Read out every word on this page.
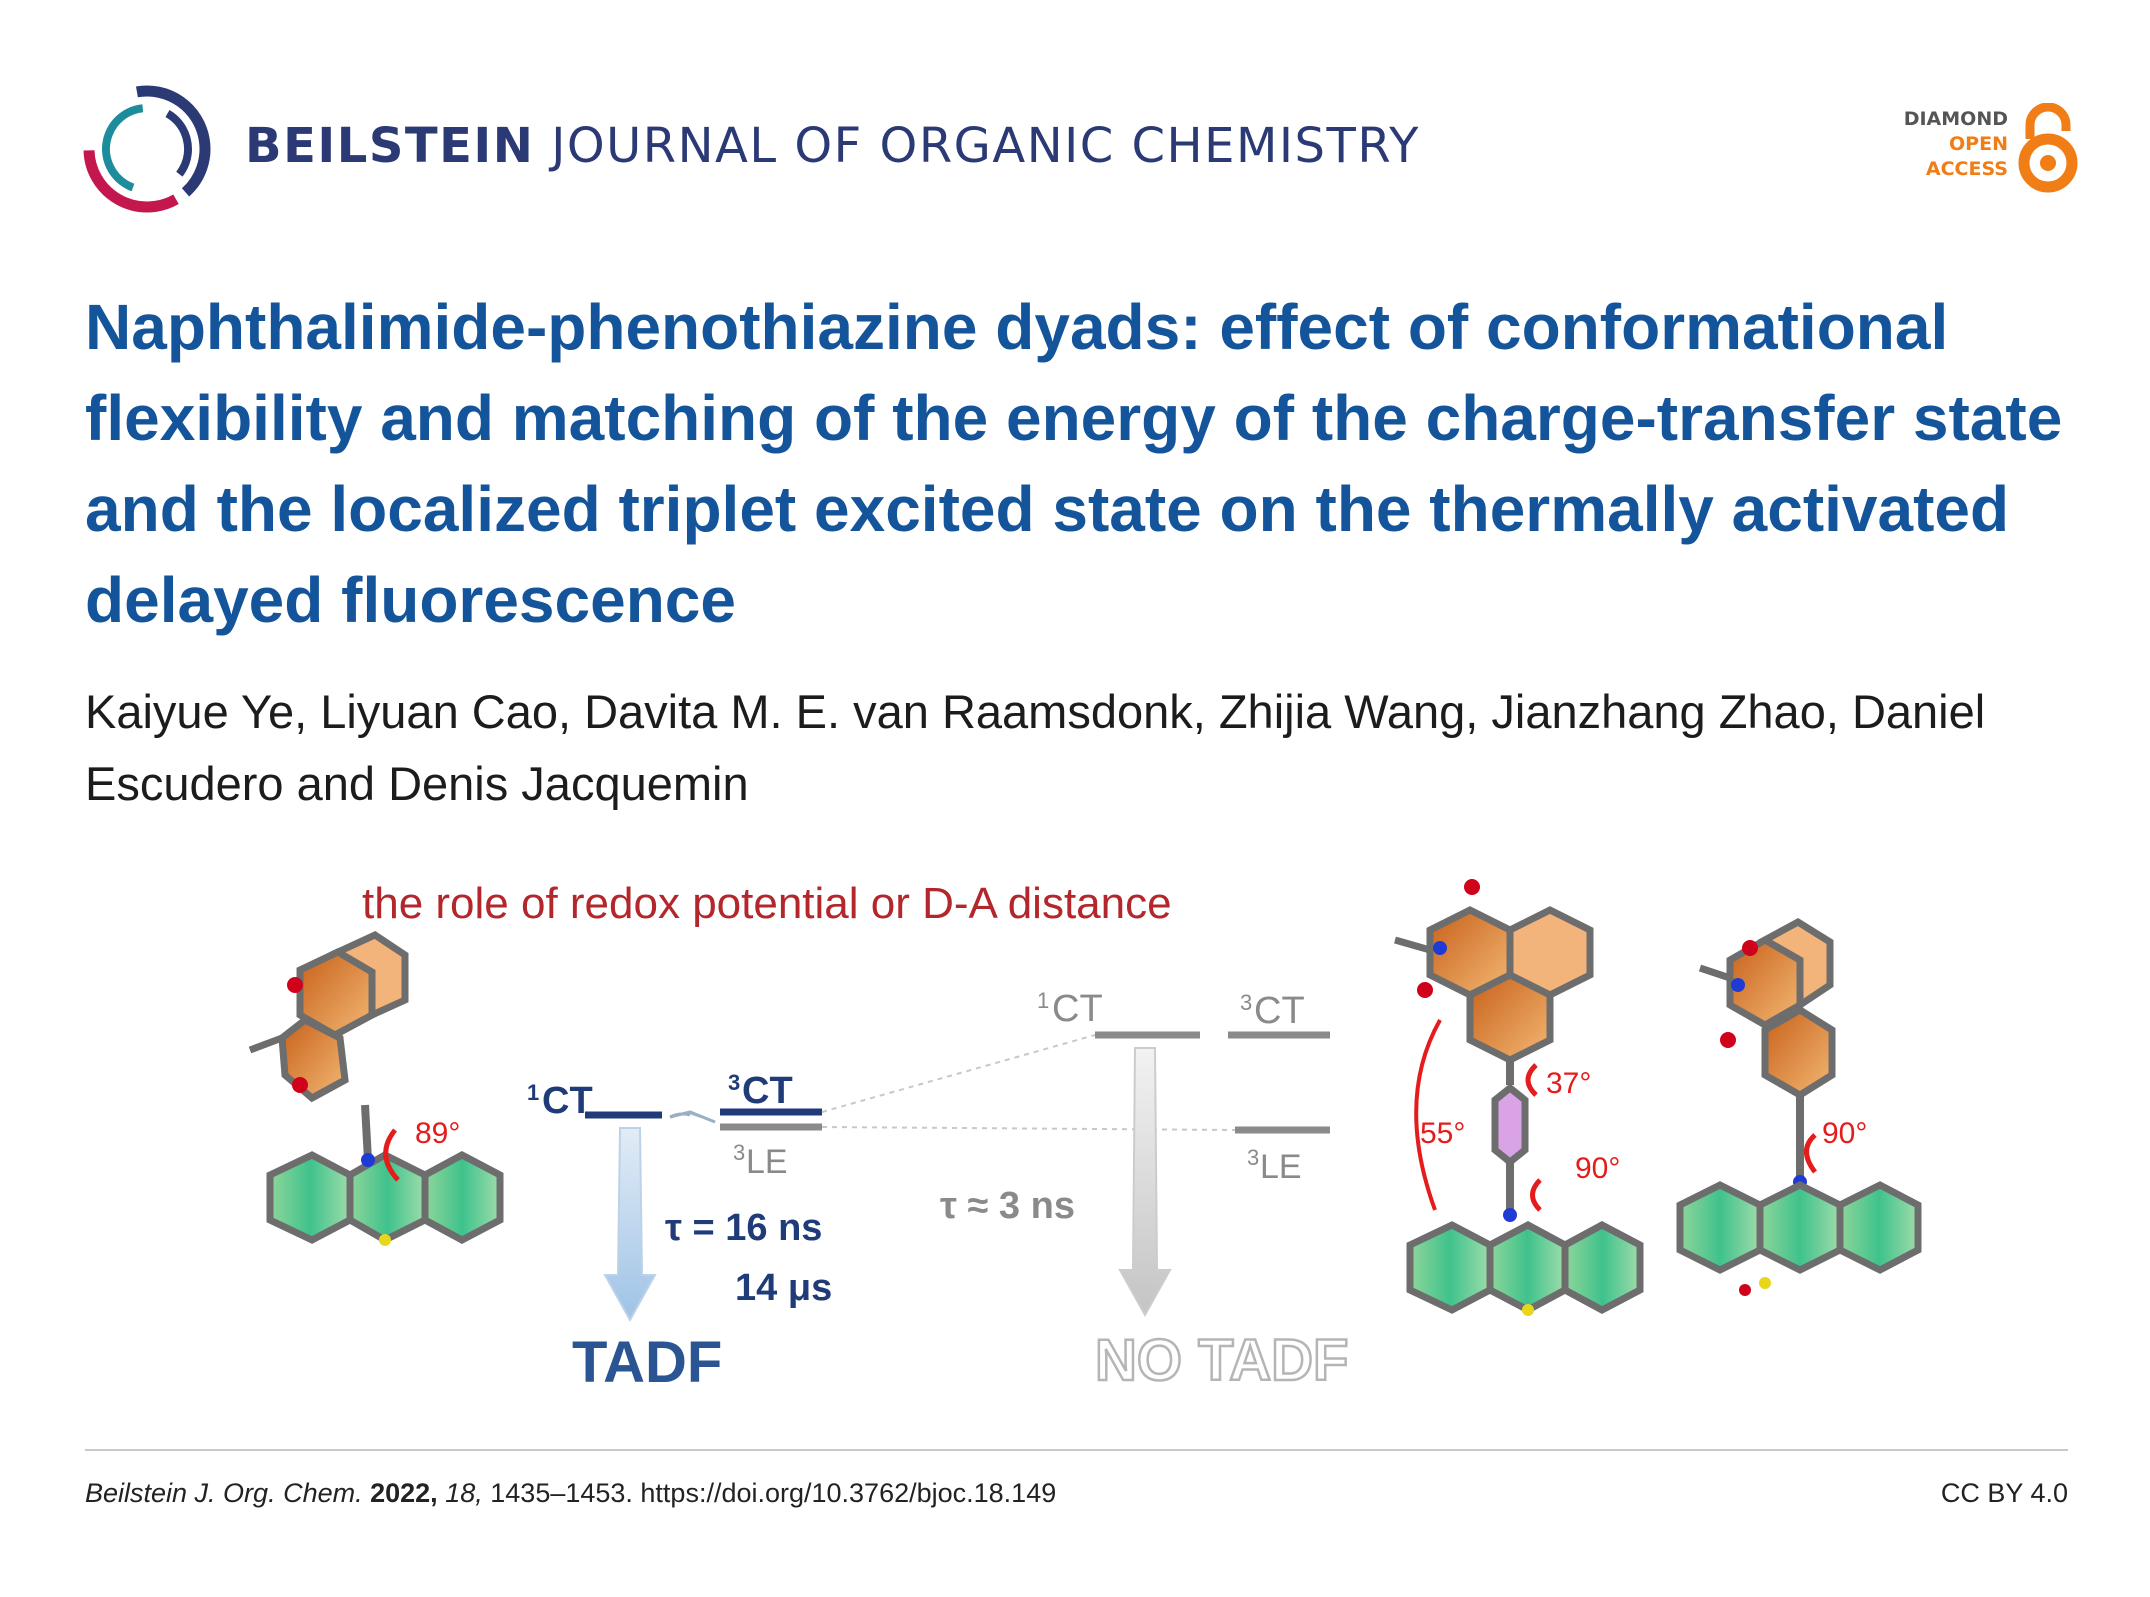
BEILSTEIN JOURNAL OF ORGANIC CHEMISTRY	DIAMOND
OPEN
ACCESS
Naphthalimide-phenothiazine dyads: effect of conformational flexibility and matching of the energy of the charge-transfer state and the localized triplet excited state on the thermally activated delayed fluorescence
Kaiyue Ye, Liyuan Cao, Davita M. E. van Raamsdonk, Zhijia Wang, Jianzhang Zhao, Daniel Escudero and Denis Jacquemin
the role of redox potential or D-A distance
89°
1 CT	3 CT
3 LE
τ = 16 ns
14 μs
TADF
1 CT	3 CT
3 LE
τ ≈ 3 ns
NO TADF
37°
55°
90°
90°
Beilstein J. Org. Chem. 2022, 18, 1435–1453. https://doi.org/10.3762/bjoc.18.149	CC BY 4.0
